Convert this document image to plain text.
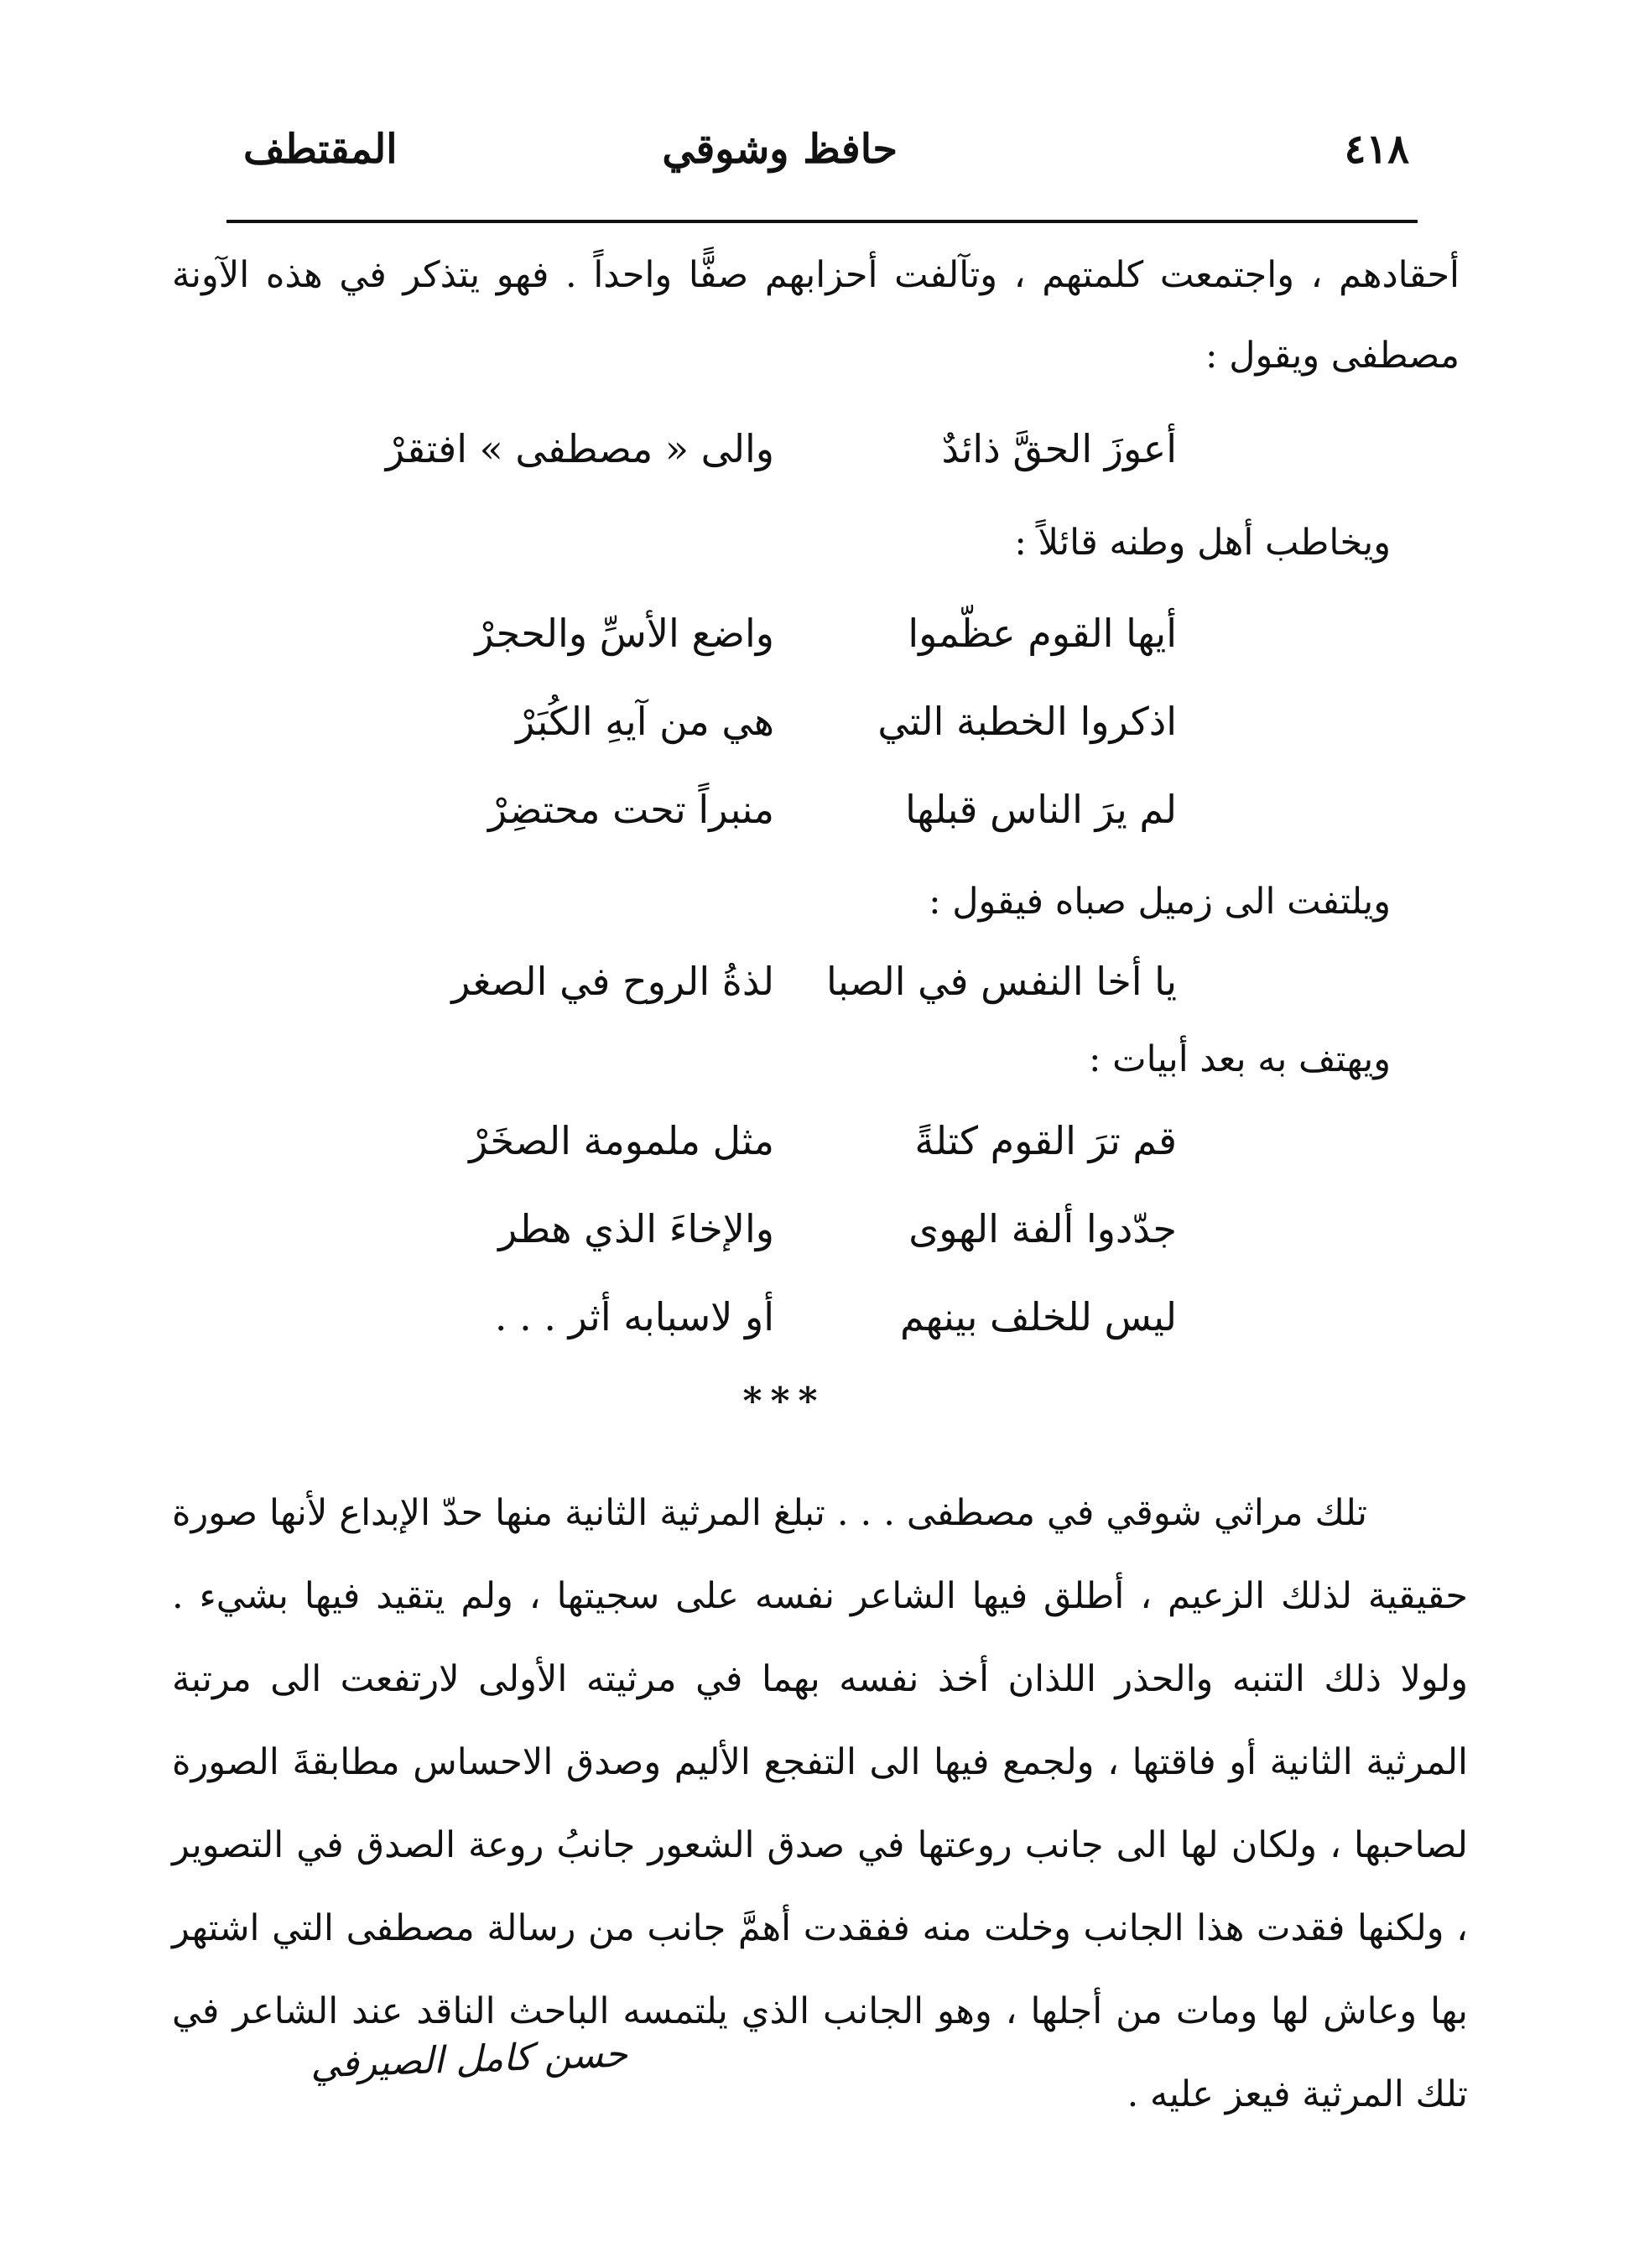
٤١٨
حافظ وشوقي
المقتطف
أحقادهم ، واجتمعت كلمتهم ، وتآلفت أحزابهم صفًّا واحداً . فهو يتذكر في هذه الآونة مصطفى ويقول :
أعوزَ الحقَّ ذائدٌ
والى « مصطفى » افتقرْ
ويخاطب أهل وطنه قائلاً :
أيها القوم عظّموا
واضع الأسِّ والحجرْ
اذكروا الخطبة التي
هي من آيهِ الكُبَرْ
لم يرَ الناس قبلها
منبراً تحت محتضِرْ
ويلتفت الى زميل صباه فيقول :
يا أخا النفس في الصبا
لذةُ الروح في الصغر
ويهتف به بعد أبيات :
قم ترَ القوم كتلةً
مثل ملمومة الصخَرْ
جدّدوا ألفة الهوى
والإخاءَ الذي هطر
ليس للخلف بينهم
أو لاسبابه أثر . . .
***
تلك مراثي شوقي في مصطفى . . . تبلغ المرثية الثانية منها حدّ الإبداع لأنها صورة حقيقية لذلك الزعيم ، أطلق فيها الشاعر نفسه على سجيتها ، ولم يتقيد فيها بشيء . ولولا ذلك التنبه والحذر اللذان أخذ نفسه بهما في مرثيته الأولى لارتفعت الى مرتبة المرثية الثانية أو فاقتها ، ولجمع فيها الى التفجع الأليم وصدق الاحساس مطابقةَ الصورة لصاحبها ، ولكان لها الى جانب روعتها في صدق الشعور جانبُ روعة الصدق في التصوير ، ولكنها فقدت هذا الجانب وخلت منه ففقدت أهمَّ جانب من رسالة مصطفى التي اشتهر بها وعاش لها ومات من أجلها ، وهو الجانب الذي يلتمسه الباحث الناقد عند الشاعر في تلك المرثية فيعز عليه .
حسن كامل الصيرفي
